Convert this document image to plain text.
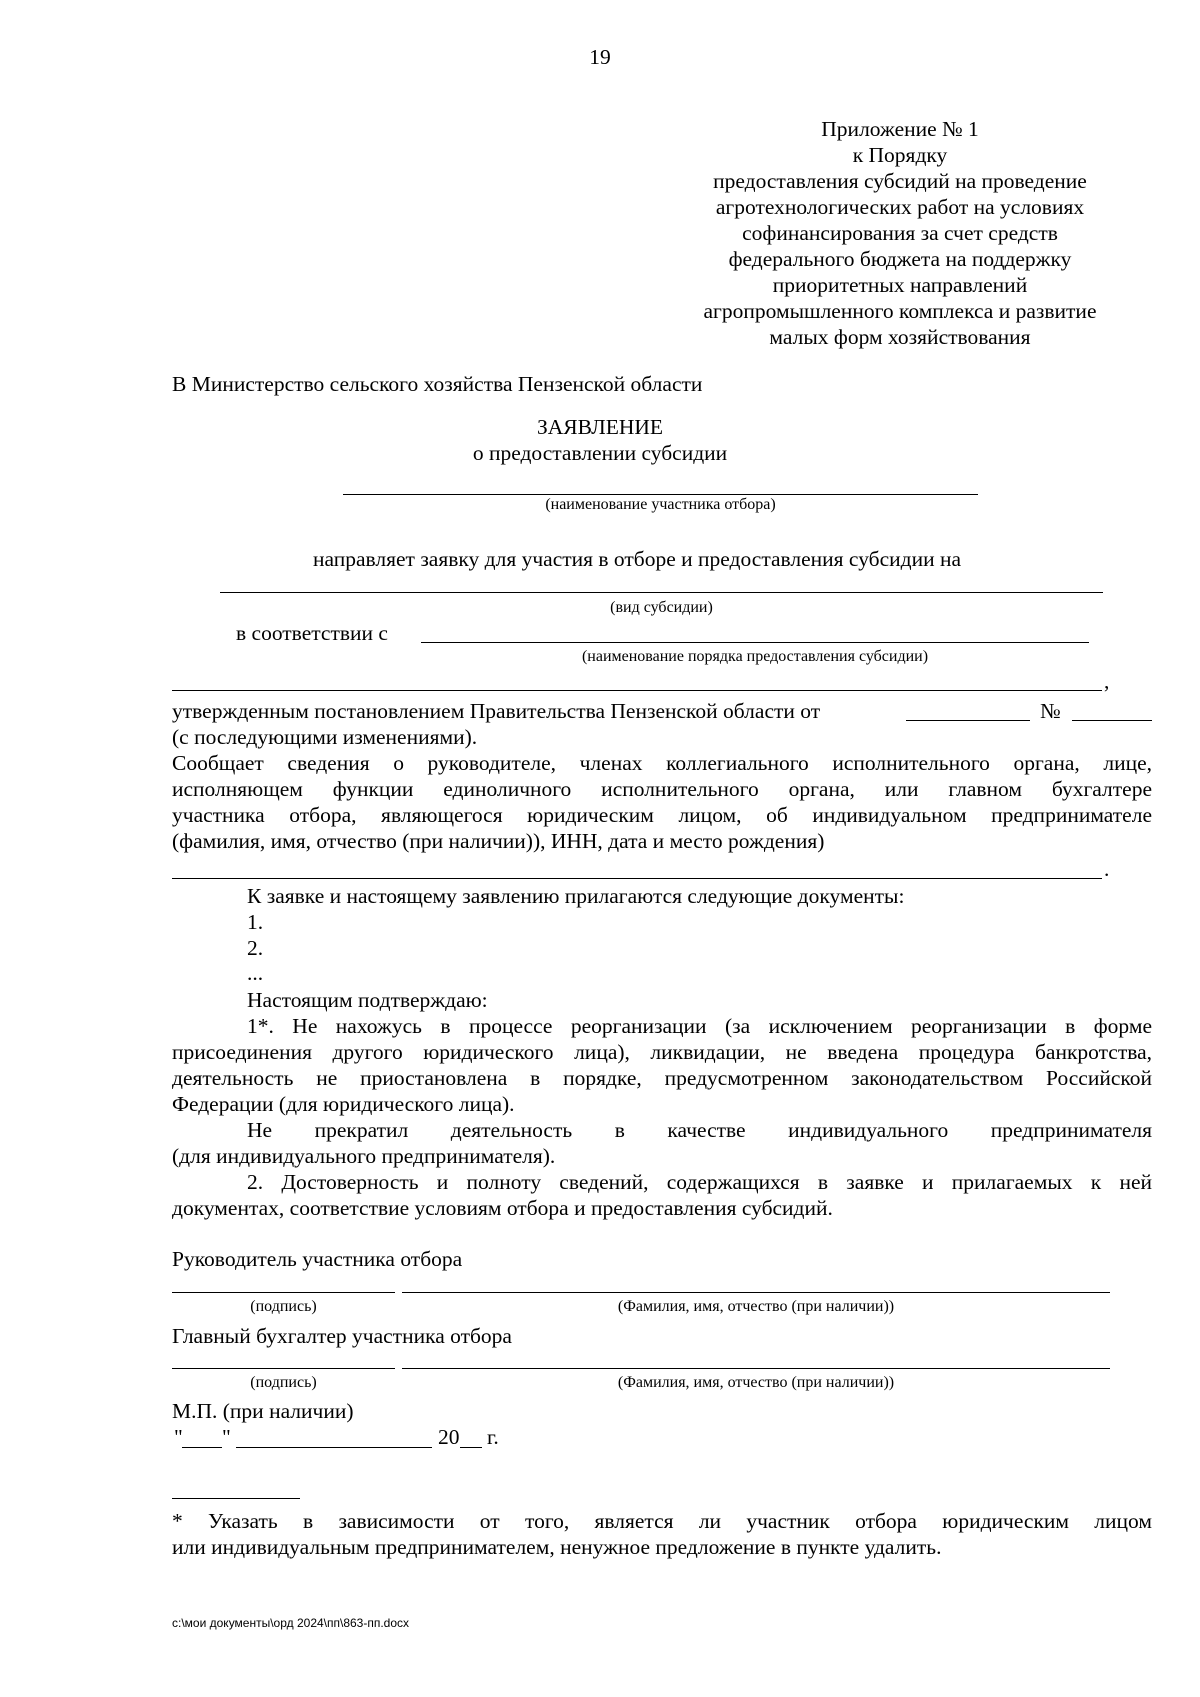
19
Приложение № 1
к Порядку
предоставления субсидий на проведение
агротехнологических работ на условиях
софинансирования за счет средств
федерального бюджета на поддержку
приоритетных направлений
агропромышленного комплекса и развитие
малых форм хозяйствования
В Министерство сельского хозяйства Пензенской области
ЗАЯВЛЕНИЕ
о предоставлении субсидии
(наименование участника отбора)
направляет заявку для участия в отборе и предоставления субсидии на
(вид субсидии)
в соответствии с
(наименование порядка предоставления субсидии)
,
утвержденным постановлением Правительства Пензенской области от	№
(с последующими изменениями).
Сообщает сведения о руководителе, членах коллегиального исполнительного органа, лице,
исполняющем функции единоличного исполнительного органа, или главном бухгалтере
участника отбора, являющегося юридическим лицом, об индивидуальном предпринимателе
(фамилия, имя, отчество (при наличии)), ИНН, дата и место рождения)
.
К заявке и настоящему заявлению прилагаются следующие документы:
1.
2.
...
Настоящим подтверждаю:
1*. Не нахожусь в процессе реорганизации (за исключением реорганизации в форме
присоединения другого юридического лица), ликвидации, не введена процедура банкротства,
деятельность не приостановлена в порядке, предусмотренном законодательством Российской
Федерации (для юридического лица).
Не прекратил деятельность в качестве индивидуального предпринимателя
(для индивидуального предпринимателя).
2. Достоверность и полноту сведений, содержащихся в заявке и прилагаемых к ней
документах, соответствие условиям отбора и предоставления субсидий.
Руководитель участника отбора
(подпись)	(Фамилия, имя, отчество (при наличии))
Главный бухгалтер участника отбора
(подпись)	(Фамилия, имя, отчество (при наличии))
М.П. (при наличии)
" "	20 г.
* Указать в зависимости от того, является ли участник отбора юридическим лицом
или индивидуальным предпринимателем, ненужное предложение в пункте удалить.
c:\мои документы\орд 2024\пп\863-пп.docx
